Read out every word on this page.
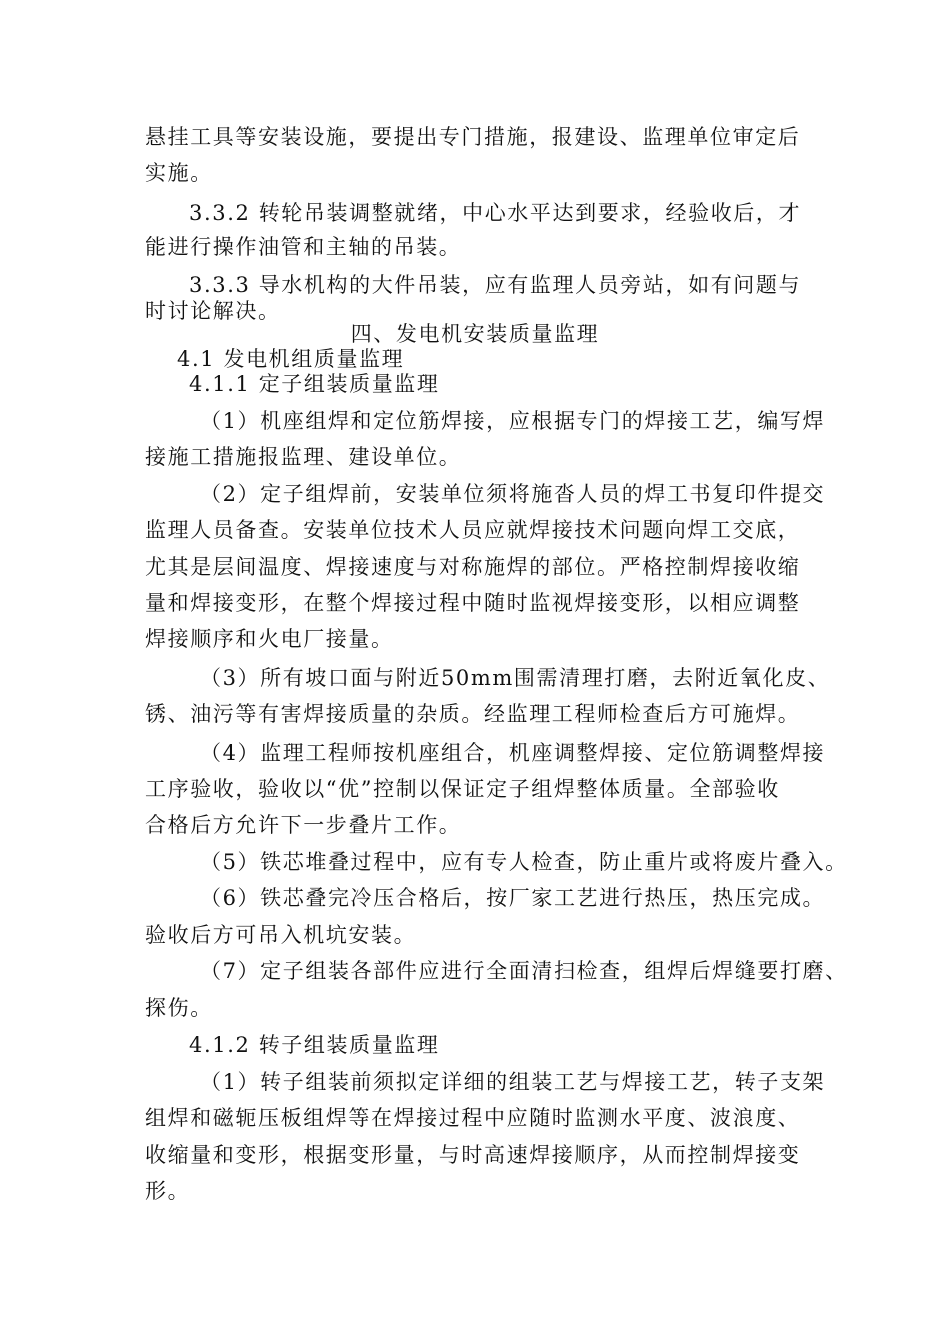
悬挂工具等安装设施，要提出专门措施，报建设、监理单位审定后
实施。
3.3.2 转轮吊装调整就绪，中心水平达到要求，经验收后，才
能进行操作油管和主轴的吊装。
3.3.3 导水机构的大件吊装，应有监理人员旁站，如有问题与
时讨论解决。
四、发电机安装质量监理
4.1 发电机组质量监理
4.1.1 定子组装质量监理
（1）机座组焊和定位筋焊接，应根据专门的焊接工艺，编写焊
接施工措施报监理、建设单位。
（2）定子组焊前，安装单位须将施沓人员的焊工书复印件提交
监理人员备查。安装单位技术人员应就焊接技术问题向焊工交底，
尤其是层间温度、焊接速度与对称施焊的部位。严格控制焊接收缩
量和焊接变形，在整个焊接过程中随时监视焊接变形，以相应调整
焊接顺序和火电厂接量。
（3）所有坡口面与附近50mm围需清理打磨，去附近氧化皮、
锈、油污等有害焊接质量的杂质。经监理工程师检查后方可施焊。
（4）监理工程师按机座组合，机座调整焊接、定位筋调整焊接
工序验收，验收以“优”控制以保证定子组焊整体质量。全部验收
合格后方允许下一步叠片工作。
（5）铁芯堆叠过程中，应有专人检查，防止重片或将废片叠入。
（6）铁芯叠完冷压合格后，按厂家工艺进行热压，热压完成。
验收后方可吊入机坑安装。
（7）定子组装各部件应进行全面清扫检查，组焊后焊缝要打磨、
探伤。
4.1.2 转子组装质量监理
（1）转子组装前须拟定详细的组装工艺与焊接工艺，转子支架
组焊和磁轭压板组焊等在焊接过程中应随时监测水平度、波浪度、
收缩量和变形，根据变形量，与时高速焊接顺序，从而控制焊接变
形。
